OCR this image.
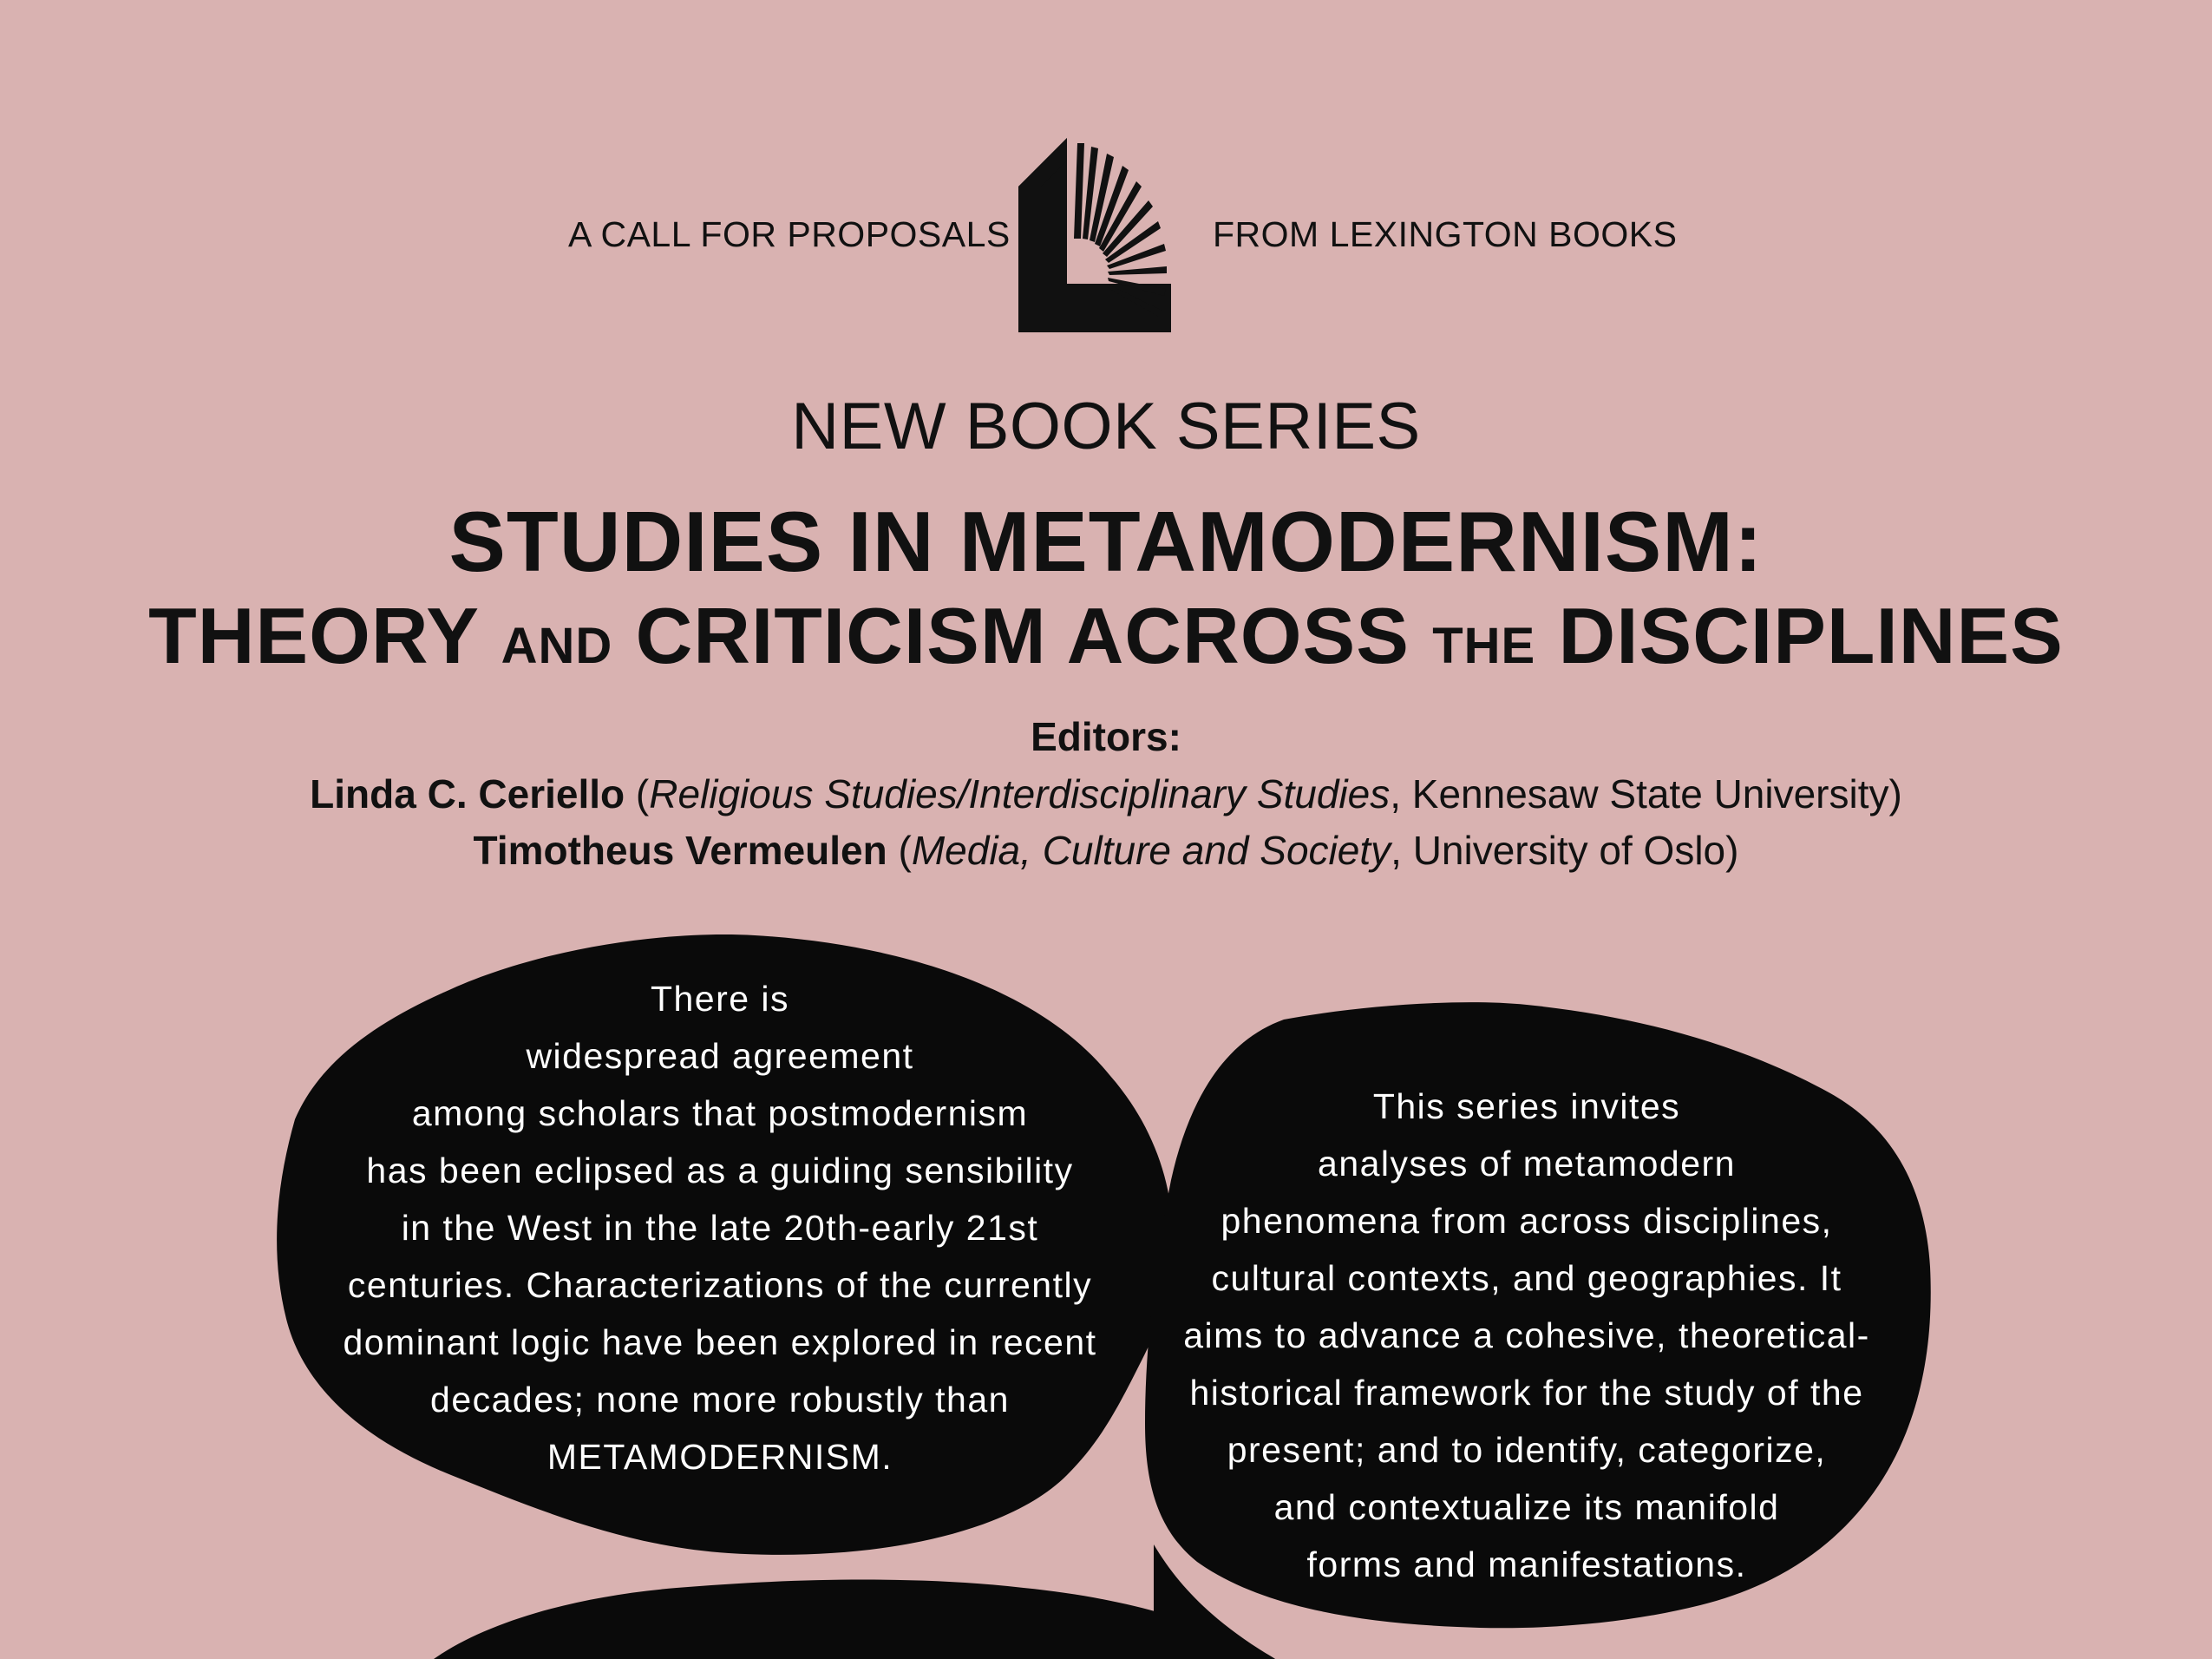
A CALL FOR PROPOSALS	FROM LEXINGTON BOOKS
NEW BOOK SERIES
STUDIES IN METAMODERNISM:
THEORY AND CRITICISM ACROSS THE DISCIPLINES
Editors:
Linda C. Ceriello (Religious Studies/Interdisciplinary Studies, Kennesaw State University)
Timotheus Vermeulen (Media, Culture and Society, University of Oslo)
There is
widespread agreement
among scholars that postmodernism
has been eclipsed as a guiding sensibility
in the West in the late 20th-early 21st
centuries. Characterizations of the currently
dominant logic have been explored in recent
decades; none more robustly than
METAMODERNISM.
This series invites
analyses of metamodern
phenomena from across disciplines,
cultural contexts, and geographies. It
aims to advance a cohesive, theoretical-
historical framework for the study of the
present; and to identify, categorize,
and contextualize its manifold
forms and manifestations.
